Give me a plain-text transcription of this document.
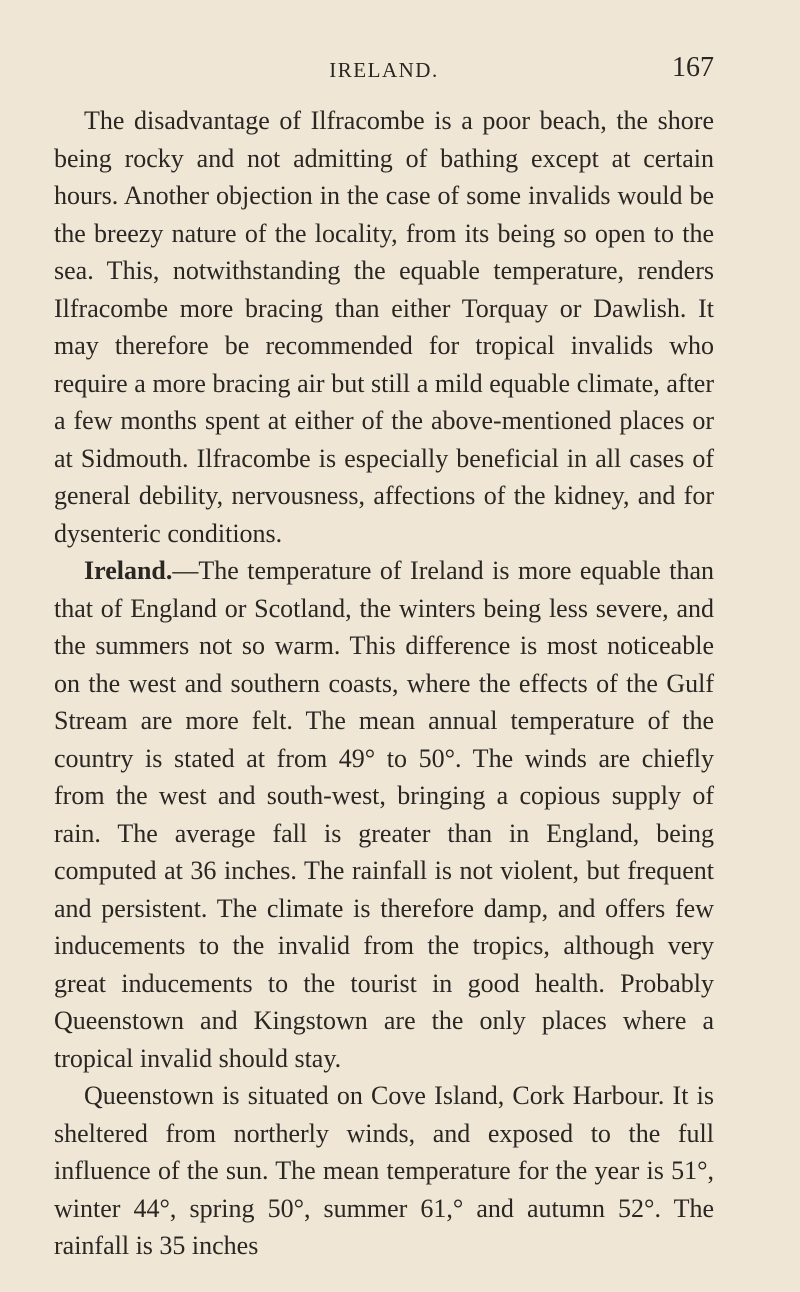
IRELAND.	167

The disadvantage of Ilfracombe is a poor beach, the shore being rocky and not admitting of bathing except at certain hours. Another objection in the case of some invalids would be the breezy nature of the locality, from its being so open to the sea. This, notwithstanding the equable temperature, renders Ilfracombe more bracing than either Torquay or Dawlish. It may therefore be recommended for tropical invalids who require a more bracing air but still a mild equable climate, after a few months spent at either of the above-mentioned places or at Sidmouth. Ilfracombe is especially beneficial in all cases of general debility, nervousness, affections of the kidney, and for dysenteric conditions.

Ireland.—The temperature of Ireland is more equable than that of England or Scotland, the winters being less severe, and the summers not so warm. This difference is most noticeable on the west and southern coasts, where the effects of the Gulf Stream are more felt. The mean annual temperature of the country is stated at from 49° to 50°. The winds are chiefly from the west and south-west, bringing a copious supply of rain. The average fall is greater than in England, being computed at 36 inches. The rainfall is not violent, but frequent and persistent. The climate is therefore damp, and offers few inducements to the invalid from the tropics, although very great inducements to the tourist in good health. Probably Queenstown and Kingstown are the only places where a tropical invalid should stay.

Queenstown is situated on Cove Island, Cork Harbour. It is sheltered from northerly winds, and exposed to the full influence of the sun. The mean temperature for the year is 51°, winter 44°, spring 50°, summer 61,° and autumn 52°. The rainfall is 35 inches
